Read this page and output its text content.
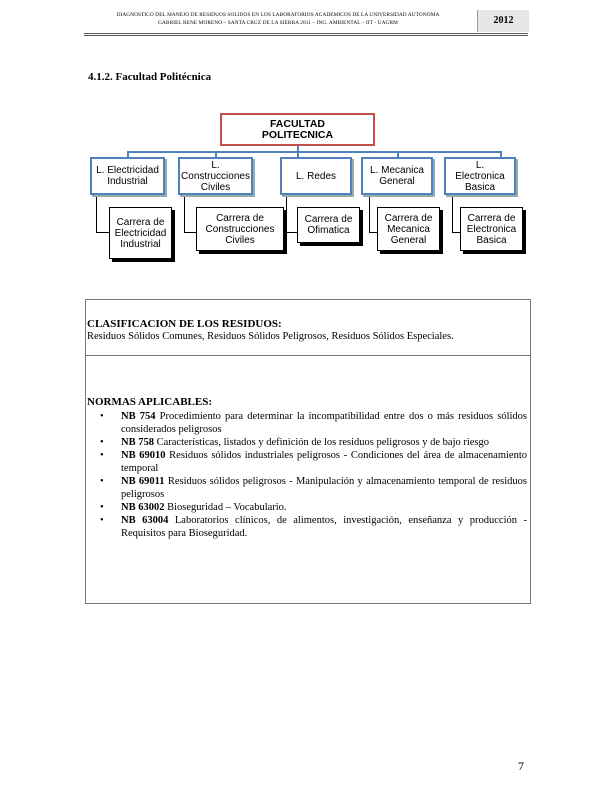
DIAGNOSTICO DEL MANEJO DE RESIDUOS SOLIDOS EN LOS LABORATORIOS ACADEMICOS DE LA UNIVERSIDAD AUTONOMA
GABRIEL RENE MORENO – SANTA CRUZ DE LA SIERRA 2011 – ING. AMBIENTAL – IIT - UAGRM	2012
4.1.2. Facultad Politécnica
FACULTAD
POLITECNICA
L. Electricidad
Industrial
L.
Construcciones
Civiles
L. Redes	L. Mecanica
General
L.
Electronica
Basica
Carrera de
Electricidad
Industrial
Carrera de
Construcciones
Civiles
Carrera de
Ofimatica
Carrera de
Mecanica
General
Carrera de
Electronica
Basica
CLASIFICACION DE LOS RESIDUOS:
Residuos Sólidos Comunes, Residuos Sólidos Peligrosos, Residuos Sólidos Especiales.
NORMAS APLICABLES:
• NB 754 Procedimiento para determinar la incompatibilidad entre dos o más residuos sólidos considerados peligrosos
• NB 758 Características, listados y definición de los residuos peligrosos y de bajo riesgo
• NB 69010 Residuos sólidos industriales peligrosos - Condiciones del área de almacenamiento temporal
• NB 69011 Residuos sólidos peligrosos - Manipulación y almacenamiento temporal de residuos peligrosos
• NB 63002 Bioseguridad – Vocabulario.
• NB 63004 Laboratorios clínicos, de alimentos, investigación, enseñanza y producción - Requisitos para Bioseguridad.
7
